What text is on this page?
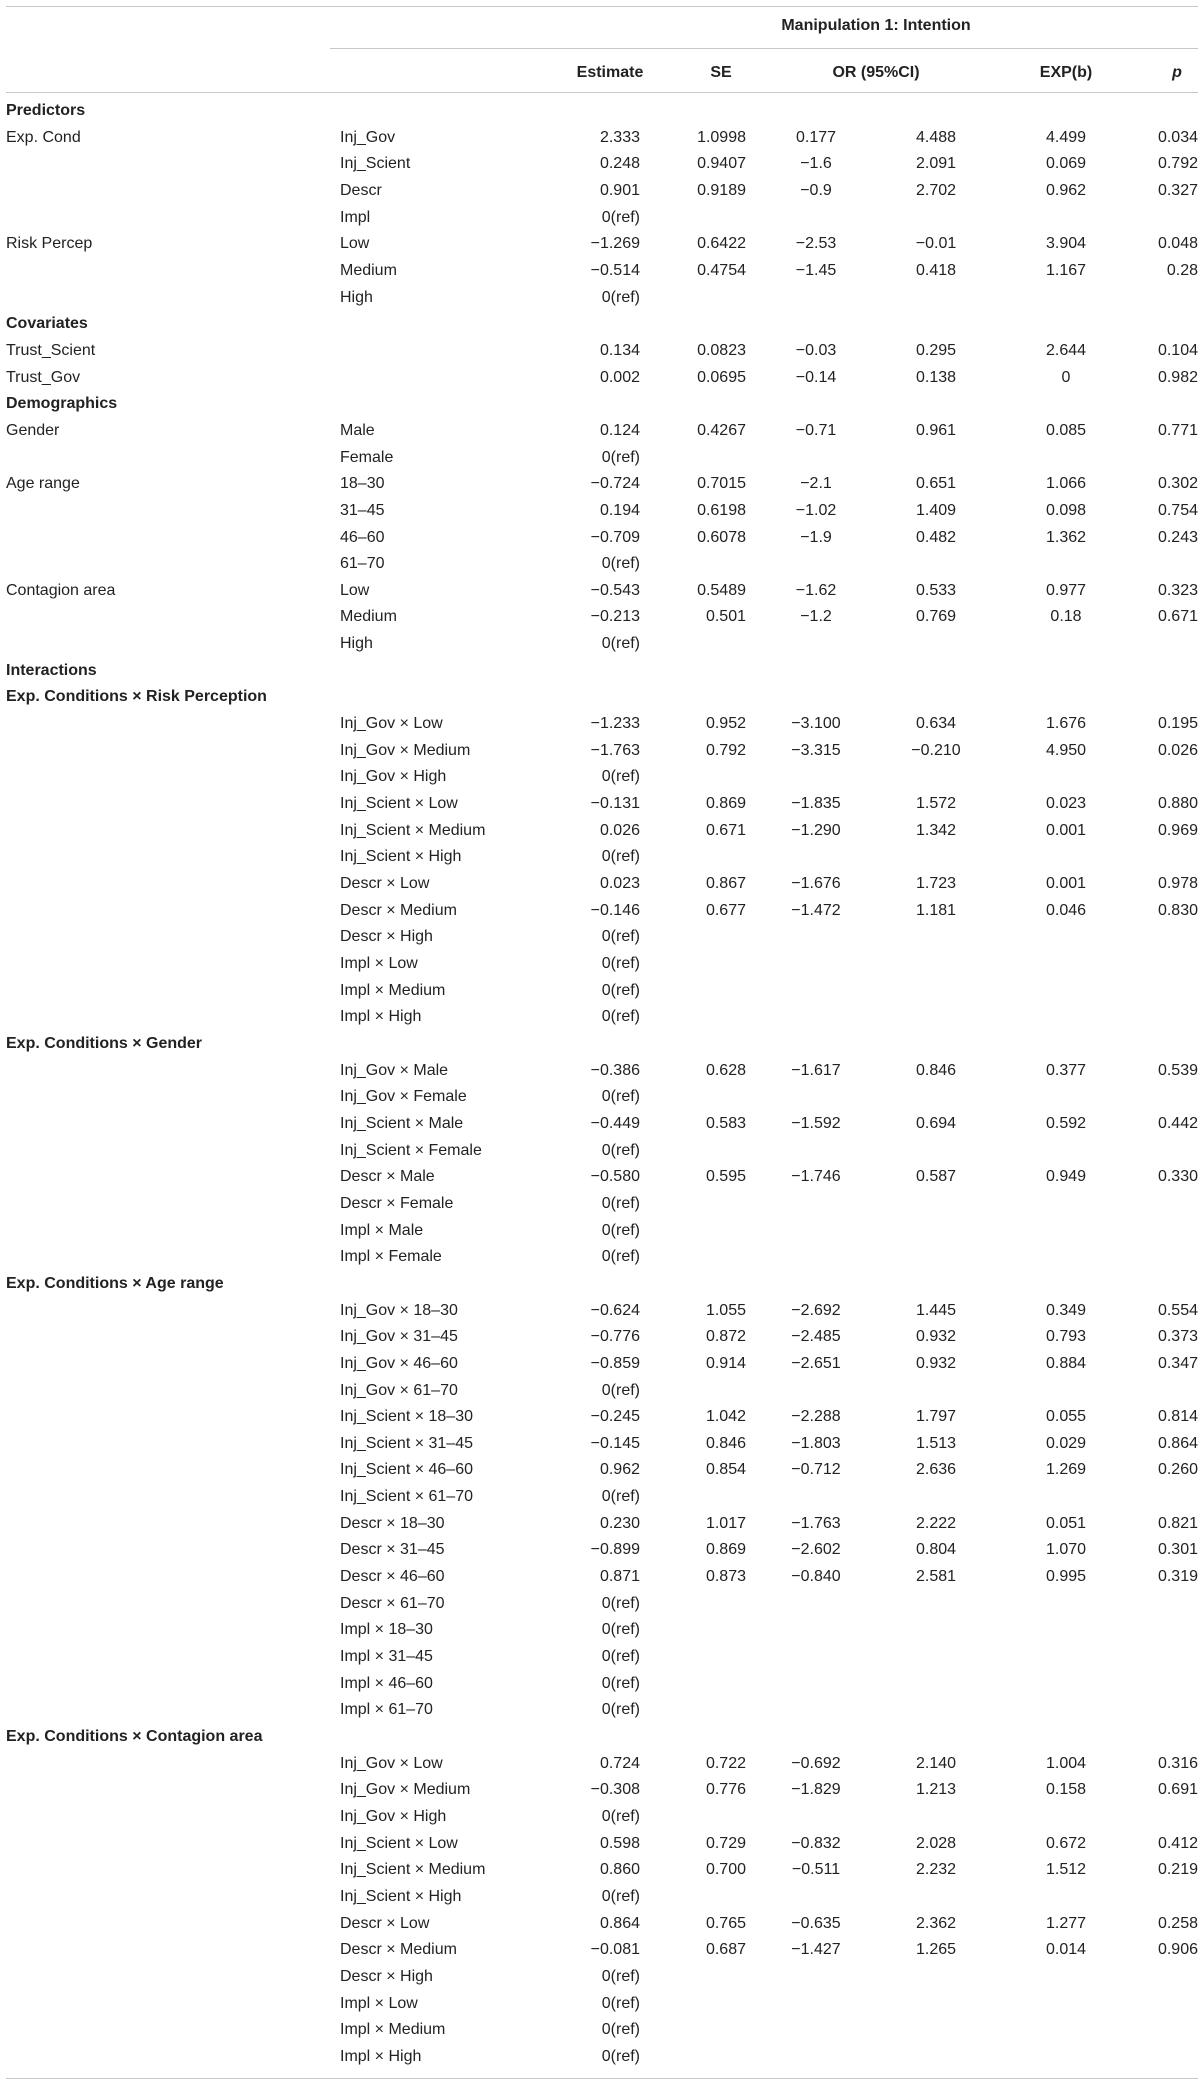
Manipulation 1: Intention
Estimate	SE	OR (95%CI)	EXP(b)	p
Predictors
Exp. Cond	Inj_Gov	2.333	1.0998	0.177	4.488	4.499	0.034
Inj_Scient	0.248	0.9407	−1.6	2.091	0.069	0.792
Descr	0.901	0.9189	−0.9	2.702	0.962	0.327
Impl	0(ref)
Risk Percep	Low	−1.269	0.6422	−2.53	−0.01	3.904	0.048
Medium	−0.514	0.4754	−1.45	0.418	1.167	0.28
High	0(ref)
Covariates
Trust_Scient	0.134	0.0823	−0.03	0.295	2.644	0.104
Trust_Gov	0.002	0.0695	−0.14	0.138	0	0.982
Demographics
Gender	Male	0.124	0.4267	−0.71	0.961	0.085	0.771
Female	0(ref)
Age range	18–30	−0.724	0.7015	−2.1	0.651	1.066	0.302
31–45	0.194	0.6198	−1.02	1.409	0.098	0.754
46–60	−0.709	0.6078	−1.9	0.482	1.362	0.243
61–70	0(ref)
Contagion area	Low	−0.543	0.5489	−1.62	0.533	0.977	0.323
Medium	−0.213	0.501	−1.2	0.769	0.18	0.671
High	0(ref)
Interactions
Exp. Conditions × Risk Perception
Inj_Gov × Low	−1.233	0.952	−3.100	0.634	1.676	0.195
Inj_Gov × Medium	−1.763	0.792	−3.315	−0.210	4.950	0.026
Inj_Gov × High	0(ref)
Inj_Scient × Low	−0.131	0.869	−1.835	1.572	0.023	0.880
Inj_Scient × Medium	0.026	0.671	−1.290	1.342	0.001	0.969
Inj_Scient × High	0(ref)
Descr × Low	0.023	0.867	−1.676	1.723	0.001	0.978
Descr × Medium	−0.146	0.677	−1.472	1.181	0.046	0.830
Descr × High	0(ref)
Impl × Low	0(ref)
Impl × Medium	0(ref)
Impl × High	0(ref)
Exp. Conditions × Gender
Inj_Gov × Male	−0.386	0.628	−1.617	0.846	0.377	0.539
Inj_Gov × Female	0(ref)
Inj_Scient × Male	−0.449	0.583	−1.592	0.694	0.592	0.442
Inj_Scient × Female	0(ref)
Descr × Male	−0.580	0.595	−1.746	0.587	0.949	0.330
Descr × Female	0(ref)
Impl × Male	0(ref)
Impl × Female	0(ref)
Exp. Conditions × Age range
Inj_Gov × 18–30	−0.624	1.055	−2.692	1.445	0.349	0.554
Inj_Gov × 31–45	−0.776	0.872	−2.485	0.932	0.793	0.373
Inj_Gov × 46–60	−0.859	0.914	−2.651	0.932	0.884	0.347
Inj_Gov × 61–70	0(ref)
Inj_Scient × 18–30	−0.245	1.042	−2.288	1.797	0.055	0.814
Inj_Scient × 31–45	−0.145	0.846	−1.803	1.513	0.029	0.864
Inj_Scient × 46–60	0.962	0.854	−0.712	2.636	1.269	0.260
Inj_Scient × 61–70	0(ref)
Descr × 18–30	0.230	1.017	−1.763	2.222	0.051	0.821
Descr × 31–45	−0.899	0.869	−2.602	0.804	1.070	0.301
Descr × 46–60	0.871	0.873	−0.840	2.581	0.995	0.319
Descr × 61–70	0(ref)
Impl × 18–30	0(ref)
Impl × 31–45	0(ref)
Impl × 46–60	0(ref)
Impl × 61–70	0(ref)
Exp. Conditions × Contagion area
Inj_Gov × Low	0.724	0.722	−0.692	2.140	1.004	0.316
Inj_Gov × Medium	−0.308	0.776	−1.829	1.213	0.158	0.691
Inj_Gov × High	0(ref)
Inj_Scient × Low	0.598	0.729	−0.832	2.028	0.672	0.412
Inj_Scient × Medium	0.860	0.700	−0.511	2.232	1.512	0.219
Inj_Scient × High	0(ref)
Descr × Low	0.864	0.765	−0.635	2.362	1.277	0.258
Descr × Medium	−0.081	0.687	−1.427	1.265	0.014	0.906
Descr × High	0(ref)
Impl × Low	0(ref)
Impl × Medium	0(ref)
Impl × High	0(ref)
